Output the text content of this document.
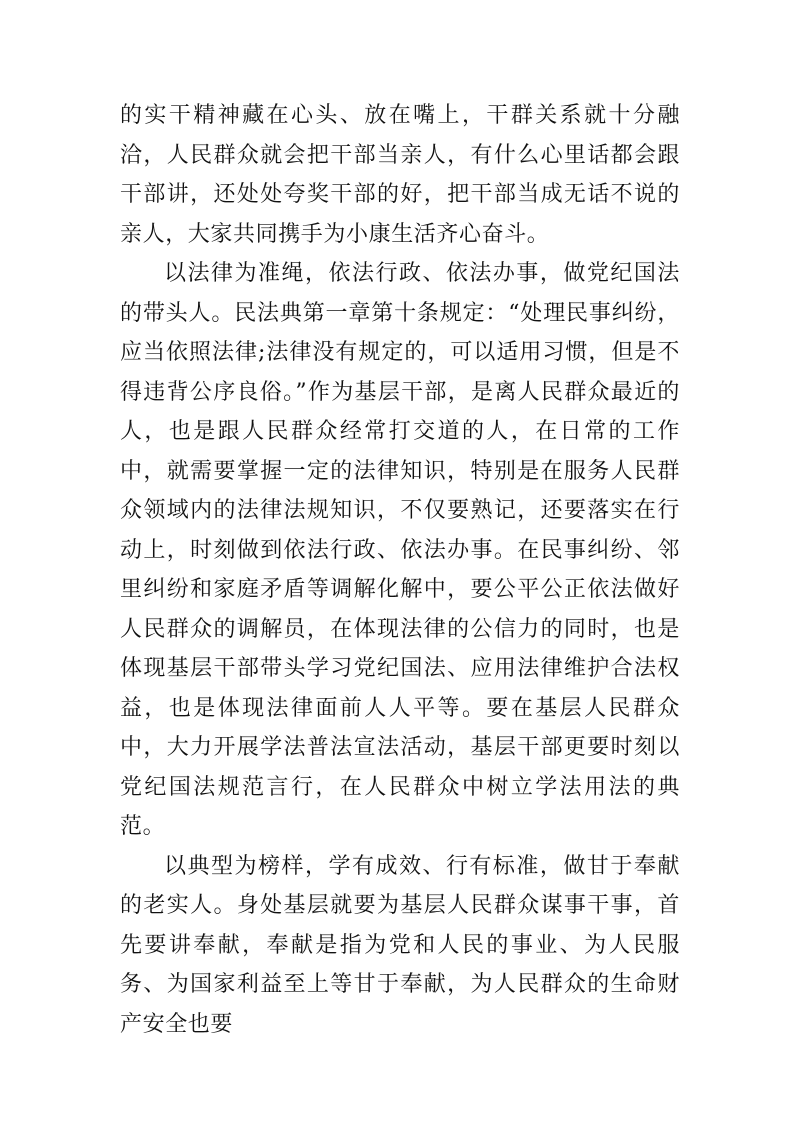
的实干精神藏在心头、放在嘴上，干群关系就十分融洽，人民群众就会把干部当亲人，有什么心里话都会跟干部讲，还处处夸奖干部的好，把干部当成无话不说的亲人，大家共同携手为小康生活齐心奋斗。

以法律为准绳，依法行政、依法办事，做党纪国法的带头人。民法典第一章第十条规定：“处理民事纠纷，应当依照法律;法律没有规定的，可以适用习惯，但是不得违背公序良俗。”作为基层干部，是离人民群众最近的人，也是跟人民群众经常打交道的人，在日常的工作中，就需要掌握一定的法律知识，特别是在服务人民群众领域内的法律法规知识，不仅要熟记，还要落实在行动上，时刻做到依法行政、依法办事。在民事纠纷、邻里纠纷和家庭矛盾等调解化解中，要公平公正依法做好人民群众的调解员，在体现法律的公信力的同时，也是体现基层干部带头学习党纪国法、应用法律维护合法权益，也是体现法律面前人人平等。要在基层人民群众中，大力开展学法普法宣法活动，基层干部更要时刻以党纪国法规范言行，在人民群众中树立学法用法的典范。

以典型为榜样，学有成效、行有标准，做甘于奉献的老实人。身处基层就要为基层人民群众谋事干事，首先要讲奉献，奉献是指为党和人民的事业、为人民服务、为国家利益至上等甘于奉献，为人民群众的生命财产安全也要
